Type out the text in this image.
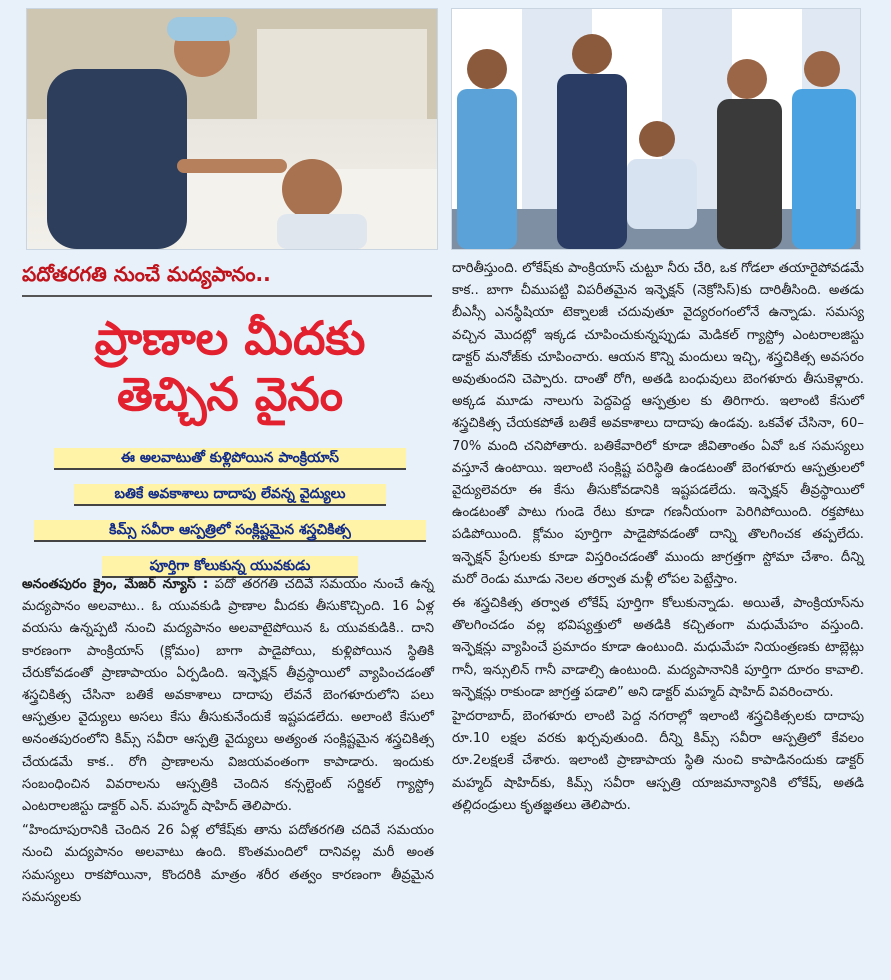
పదోతరగతి నుంచే మద్యపానం..
ప్రాణాల మీదకు
తెచ్చిన వైనం
ఈ అలవాటుతో కుళ్లిపోయిన పాంక్రియాస్
బతికే అవకాశాలు దాదాపు లేవన్న వైద్యులు
కిమ్స్ సవీరా ఆస్పత్రిలో సంక్లిష్టమైన శస్త్రచికిత్స
పూర్తిగా కోలుకున్న యువకుడు

అనంతపురం క్రైం, మేజర్ న్యూస్ : పదో తరగతి చదివే సమయం నుంచే ఉన్న మద్యపానం అలవాటు.. ఓ యువకుడి ప్రాణాల మీదకు తీసుకొచ్చింది. 16 ఏళ్ల వయసు ఉన్నప్పటి నుంచి మద్యపానం అలవాటైపోయిన ఓ యువకుడికి.. దాని కారణంగా పాంక్రియాస్ (క్లోమం) బాగా పాడైపోయి, కుళ్లిపోయిన స్థితికి చేరుకోవడంతో ప్రాణాపాయం ఏర్పడింది. ఇన్ఫెక్షన్ తీవ్రస్థాయిలో వ్యాపించడంతో శస్త్రచికిత్స చేసినా బతికే అవకాశాలు దాదాపు లేవనే బెంగళూరులోని పలు ఆస్పత్రుల వైద్యులు అసలు కేసు తీసుకునేందుకే ఇష్టపడలేదు. అలాంటి కేసులో అనంతపురంలోని కిమ్స్ సవీరా ఆస్పత్రి వైద్యులు అత్యంత సంక్లిష్టమైన శస్త్రచికిత్స చేయడమే కాక.. రోగి ప్రాణాలను విజయవంతంగా కాపాడారు. ఇందుకు సంబంధించిన వివరాలను ఆస్పత్రికి చెందిన కన్సల్టెంట్ సర్జికల్ గ్యాస్ట్రో ఎంటరాలజిస్టు డాక్టర్ ఎన్. మహ్మద్ షాహిద్ తెలిపారు.

“హిందూపురానికి చెందిన 26 ఏళ్ల లోకేష్‌కు తాను పదోతరగతి చదివే సమయం నుంచి మద్యపానం అలవాటు ఉంది. కొంతమందిలో దానివల్ల మరీ అంత సమస్యలు రాకపోయినా, కొందరికి మాత్రం శరీర తత్వం కారణంగా తీవ్రమైన సమస్యలకు

దారితీస్తుంది. లోకేష్‌కు పాంక్రియాస్ చుట్టూ నీరు చేరి, ఒక గోడలా తయారైపోవడమే కాక.. బాగా చీముపట్టి విపరీతమైన ఇన్ఫెక్షన్ (నెక్రోసిస్)కు దారితీసింది. అతడు బీఎస్సీ ఎనస్థీషియా టెక్నాలజీ చదువుతూ వైద్యరంగంలోనే ఉన్నాడు. సమస్య వచ్చిన మొదట్లో ఇక్కడ చూపించుకున్నప్పుడు మెడికల్ గ్యాస్ట్రో ఎంటరాలజిస్టు డాక్టర్ మనోజ్‌కు చూపించారు. ఆయన కొన్ని మందులు ఇచ్చి, శస్త్రచికిత్స అవసరం అవుతుందని చెప్పారు. దాంతో రోగి, అతడి బంధువులు బెంగళూరు తీసుకెళ్లారు. అక్కడ మూడు నాలుగు పెద్దపెద్ద ఆస్పత్రుల కు తిరిగారు. ఇలాంటి కేసులో శస్త్రచికిత్స చేయకపోతే బతికే అవకాశాలు దాదాపు ఉండవు. ఒకవేళ చేసినా, 60–70% మంది చనిపోతారు. బతికేవారిలో కూడా జీవితాంతం ఏవో ఒక సమస్యలు వస్తూనే ఉంటాయి. ఇలాంటి సంక్లిష్ట పరిస్థితి ఉండటంతో బెంగళూరు ఆస్పత్రులలో వైద్యులెవరూ ఈ కేసు తీసుకోవడానికి ఇష్టపడలేదు. ఇన్ఫెక్షన్ తీవ్రస్థాయిలో ఉండటంతో పాటు గుండె రేటు కూడా గణనీయంగా పెరిగిపోయింది. రక్తపోటు పడిపోయింది. క్లోమం పూర్తిగా పాడైపోవడంతో దాన్ని తొలగించక తప్పలేదు. ఇన్ఫెక్షన్ ప్రేగులకు కూడా విస్తరించడంతో ముందు జాగ్రత్తగా స్టోమా చేశాం. దీన్ని మరో రెండు మూడు నెలల తర్వాత మళ్లీ లోపల పెట్టేస్తాం.

ఈ శస్త్రచికిత్స తర్వాత లోకేష్ పూర్తిగా కోలుకున్నాడు. అయితే, పాంక్రియాస్‌ను తొలగించడం వల్ల భవిష్యత్తులో అతడికి కచ్చితంగా మధుమేహం వస్తుంది. ఇన్ఫెక్షన్లు వ్యాపించే ప్రమాదం కూడా ఉంటుంది. మధుమేహ నియంత్రణకు టాబ్లెట్లు గానీ, ఇన్సులిన్ గానీ వాడాల్సి ఉంటుంది. మద్యపానానికి పూర్తిగా దూరం కావాలి. ఇన్ఫెక్షన్లు రాకుండా జాగ్రత్త పడాలి” అని డాక్టర్ మహ్మద్ షాహిద్ వివరించారు.

హైదరాబాద్, బెంగళూరు లాంటి పెద్ద నగరాల్లో ఇలాంటి శస్త్రచికిత్సలకు దాదాపు రూ.10 లక్షల వరకు ఖర్చవుతుంది. దీన్ని కిమ్స్ సవీరా ఆస్పత్రిలో కేవలం రూ.2లక్షలకే చేశారు. ఇలాంటి ప్రాణాపాయ స్థితి నుంచి కాపాడినందుకు డాక్టర్ మహ్మద్ షాహిద్‌కు, కిమ్స్ సవీరా ఆస్పత్రి యాజమాన్యానికి లోకేష్, అతడి తల్లిదండ్రులు కృతజ్ఞతలు తెలిపారు.
